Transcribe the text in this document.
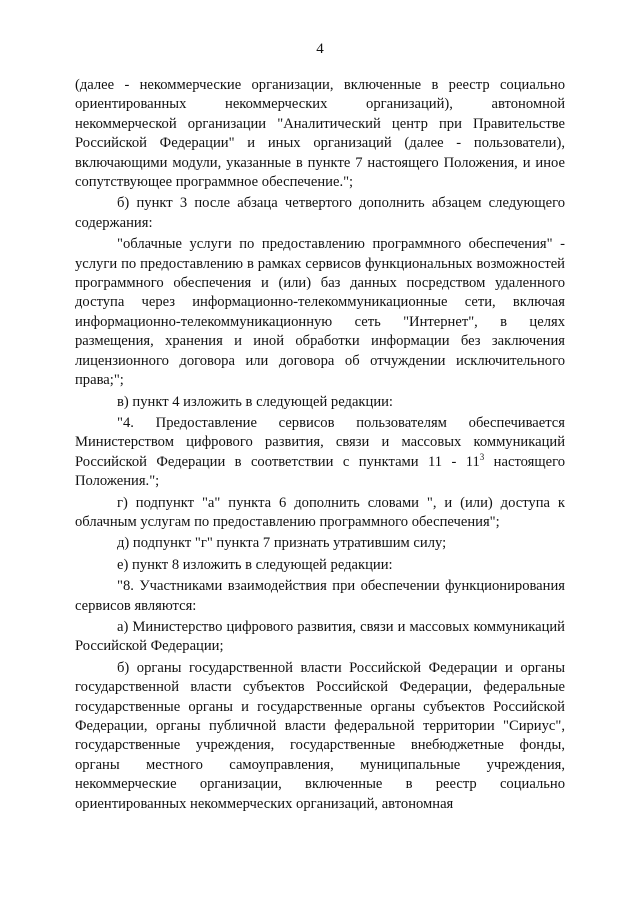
4

(далее - некоммерческие организации, включенные в реестр социально ориентированных некоммерческих организаций), автономной некоммерческой организации "Аналитический центр при Правительстве Российской Федерации" и иных организаций (далее - пользователи), включающими модули, указанные в пункте 7 настоящего Положения, и иное сопутствующее программное обеспечение.";

б) пункт 3 после абзаца четвертого дополнить абзацем следующего содержания:

"облачные услуги по предоставлению программного обеспечения" - услуги по предоставлению в рамках сервисов функциональных возможностей программного обеспечения и (или) баз данных посредством удаленного доступа через информационно-телекоммуникационные сети, включая информационно-телекоммуникационную сеть "Интернет", в целях размещения, хранения и иной обработки информации без заключения лицензионного договора или договора об отчуждении исключительного права;";

в) пункт 4 изложить в следующей редакции:

"4. Предоставление сервисов пользователям обеспечивается Министерством цифрового развития, связи и массовых коммуникаций Российской Федерации в соответствии с пунктами $11 - 11^3$ настоящего Положения.";

г) подпункт "а" пункта 6 дополнить словами ", и (или) доступа к облачным услугам по предоставлению программного обеспечения";

д) подпункт "г" пункта 7 признать утратившим силу;

е) пункт 8 изложить в следующей редакции:

"8. Участниками взаимодействия при обеспечении функционирования сервисов являются:

а) Министерство цифрового развития, связи и массовых коммуникаций Российской Федерации;

б) органы государственной власти Российской Федерации и органы государственной власти субъектов Российской Федерации, федеральные государственные органы и государственные органы субъектов Российской Федерации, органы публичной власти федеральной территории "Сириус", государственные учреждения, государственные внебюджетные фонды, органы местного самоуправления, муниципальные учреждения, некоммерческие организации, включенные в реестр социально ориентированных некоммерческих организаций, автономная
